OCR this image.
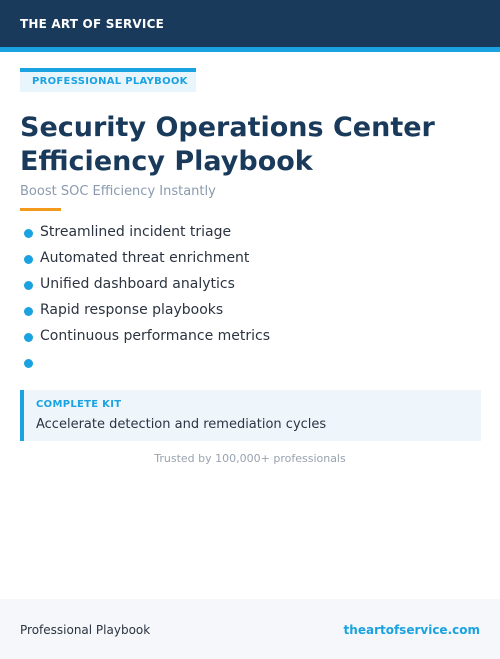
THE ART OF SERVICE
PROFESSIONAL PLAYBOOK
Security Operations Center
Efficiency Playbook
Boost SOC Efficiency Instantly
Streamlined incident triage
Automated threat enrichment
Unified dashboard analytics
Rapid response playbooks
Continuous performance metrics
COMPLETE KIT
Accelerate detection and remediation cycles
Trusted by 100,000+ professionals
Professional Playbook	theartofservice.com
